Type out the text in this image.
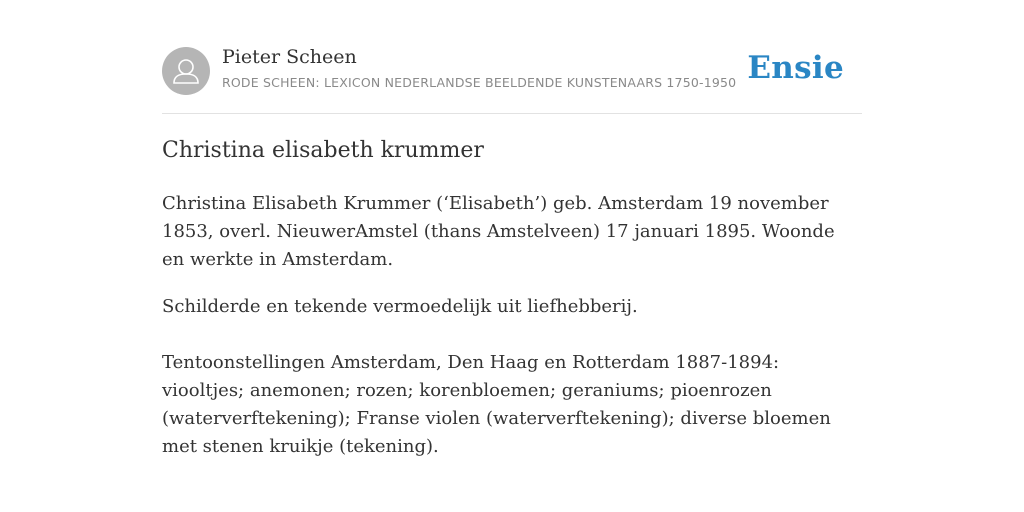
Pieter Scheen
RODE SCHEEN: LEXICON NEDERLANDSE BEELDENDE KUNSTENAARS 1750-1950 Ensie
Christina elisabeth krummer

Christina Elisabeth Krummer (‘Elisabeth’) geb. Amsterdam 19 november 1853, overl. NieuwerAmstel (thans Amstelveen) 17 januari 1895. Woonde en werkte in Amsterdam.

Schilderde en tekende vermoedelijk uit liefhebberij.

Tentoonstellingen Amsterdam, Den Haag en Rotterdam 1887-1894: viooltjes; anemonen; rozen; korenbloemen; geraniums; pioenrozen (waterverftekening); Franse violen (waterverftekening); diverse bloemen met stenen kruikje (tekening).
